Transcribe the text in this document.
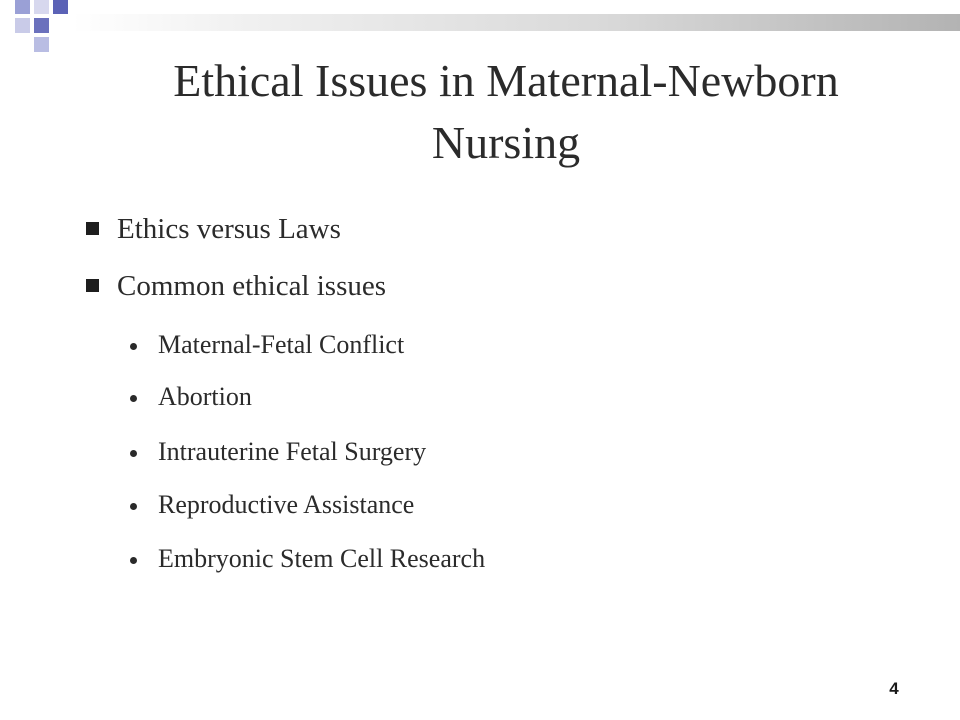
Ethical Issues in Maternal-Newborn Nursing
Ethics versus Laws
Common ethical issues
Maternal-Fetal Conflict
Abortion
Intrauterine Fetal Surgery
Reproductive Assistance
Embryonic Stem Cell Research
4
